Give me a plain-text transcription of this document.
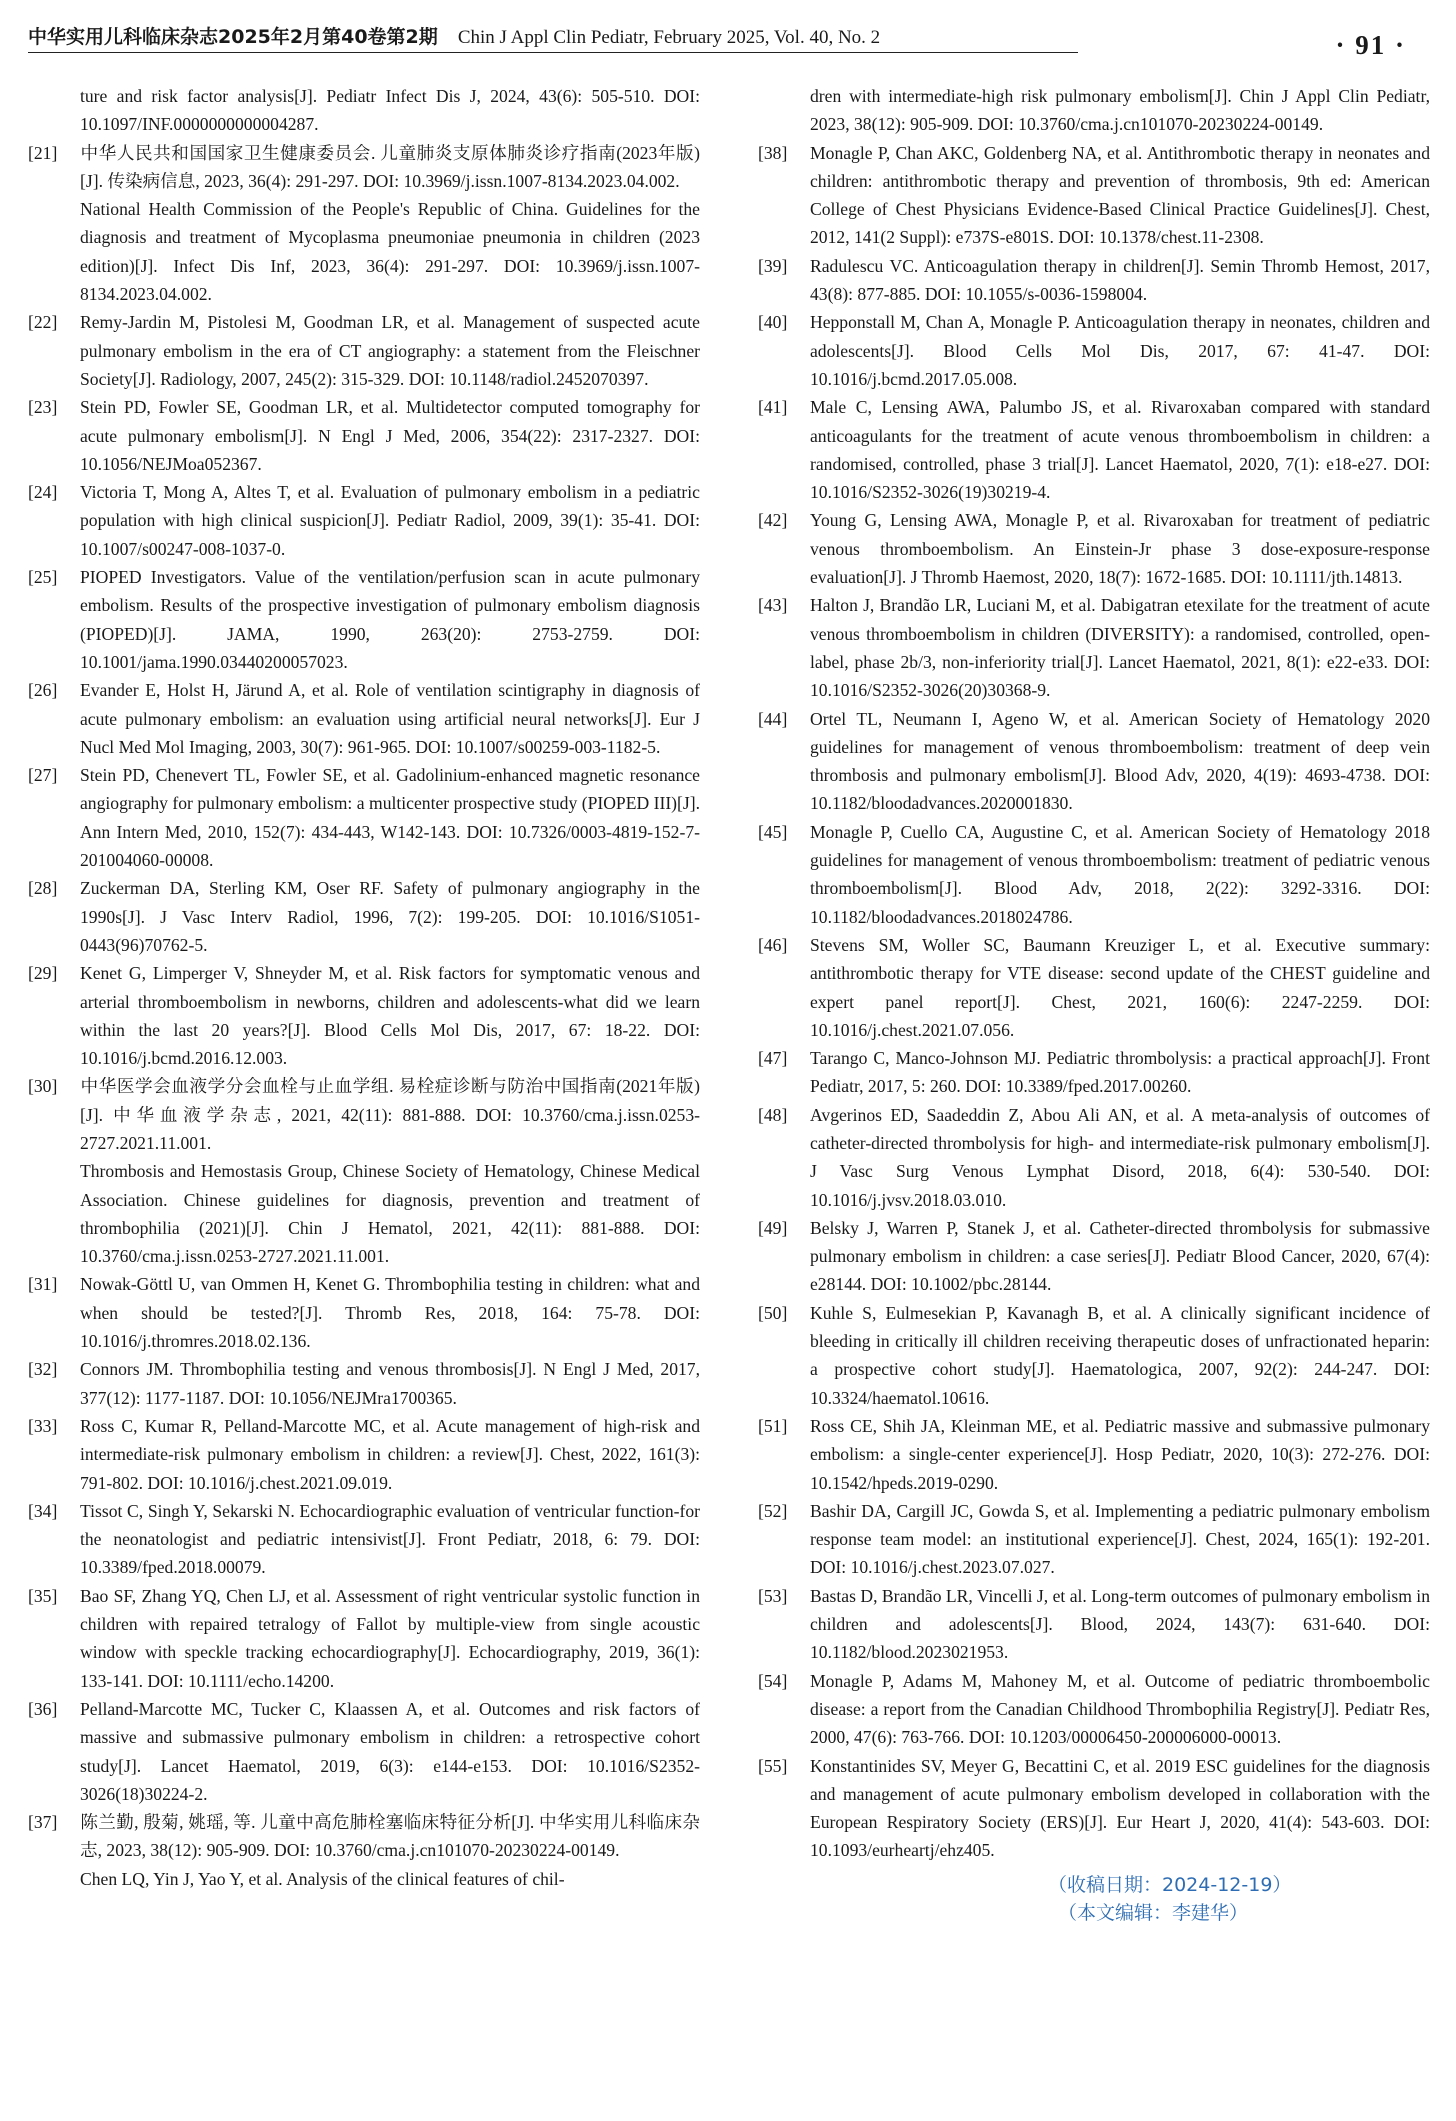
中华实用儿科临床杂志2025年2月第40卷第2期 Chin J Appl Clin Pediatr, February 2025, Vol. 40, No. 2	· 91 ·

ture and risk factor analysis[J]. Pediatr Infect Dis J, 2024, 43(6): 505-510. DOI: 10.1097/INF.0000000000004287.

[21] 中华人民共和国国家卫生健康委员会. 儿童肺炎支原体肺炎诊疗指南(2023年版)[J]. 传染病信息, 2023, 36(4): 291-297. DOI: 10.3969/j.issn.1007-8134.2023.04.002.

National Health Commission of the People's Republic of China. Guidelines for the diagnosis and treatment of Mycoplasma pneumoniae pneumonia in children (2023 edition)[J]. Infect Dis Inf, 2023, 36(4): 291-297. DOI: 10.3969/j.issn.1007-8134.2023.04.002.

[22] Remy-Jardin M, Pistolesi M, Goodman LR, et al. Management of suspected acute pulmonary embolism in the era of CT angiography: a statement from the Fleischner Society[J]. Radiology, 2007, 245(2): 315-329. DOI: 10.1148/radiol.2452070397.

[23] Stein PD, Fowler SE, Goodman LR, et al. Multidetector computed tomography for acute pulmonary embolism[J]. N Engl J Med, 2006, 354(22): 2317-2327. DOI: 10.1056/NEJMoa052367.

[24] Victoria T, Mong A, Altes T, et al. Evaluation of pulmonary embolism in a pediatric population with high clinical suspicion[J]. Pediatr Radiol, 2009, 39(1): 35-41. DOI: 10.1007/s00247-008-1037-0.

[25] PIOPED Investigators. Value of the ventilation/perfusion scan in acute pulmonary embolism. Results of the prospective investigation of pulmonary embolism diagnosis (PIOPED)[J]. JAMA, 1990, 263(20): 2753-2759. DOI: 10.1001/jama.1990.03440200057023.

[26] Evander E, Holst H, Järund A, et al. Role of ventilation scintigraphy in diagnosis of acute pulmonary embolism: an evaluation using artificial neural networks[J]. Eur J Nucl Med Mol Imaging, 2003, 30(7): 961-965. DOI: 10.1007/s00259-003-1182-5.

[27] Stein PD, Chenevert TL, Fowler SE, et al. Gadolinium-enhanced magnetic resonance angiography for pulmonary embolism: a multicenter prospective study (PIOPED III)[J]. Ann Intern Med, 2010, 152(7): 434-443, W142-143. DOI: 10.7326/0003-4819-152-7-201004060-00008.

[28] Zuckerman DA, Sterling KM, Oser RF. Safety of pulmonary angiography in the 1990s[J]. J Vasc Interv Radiol, 1996, 7(2): 199-205. DOI: 10.1016/S1051-0443(96)70762-5.

[29] Kenet G, Limperger V, Shneyder M, et al. Risk factors for symptomatic venous and arterial thromboembolism in newborns, children and adolescents-what did we learn within the last 20 years?[J]. Blood Cells Mol Dis, 2017, 67: 18-22. DOI: 10.1016/j.bcmd.2016.12.003.

[30] 中华医学会血液学分会血栓与止血学组. 易栓症诊断与防治中国指南(2021年版)[J]. 中华血液学杂志, 2021, 42(11): 881-888. DOI: 10.3760/cma.j.issn.0253-2727.2021.11.001.

Thrombosis and Hemostasis Group, Chinese Society of Hematology, Chinese Medical Association. Chinese guidelines for diagnosis, prevention and treatment of thrombophilia (2021)[J]. Chin J Hematol, 2021, 42(11): 881-888. DOI: 10.3760/cma.j.issn.0253-2727.2021.11.001.

[31] Nowak-Göttl U, van Ommen H, Kenet G. Thrombophilia testing in children: what and when should be tested?[J]. Thromb Res, 2018, 164: 75-78. DOI: 10.1016/j.thromres.2018.02.136.

[32] Connors JM. Thrombophilia testing and venous thrombosis[J]. N Engl J Med, 2017, 377(12): 1177-1187. DOI: 10.1056/NEJMra1700365.

[33] Ross C, Kumar R, Pelland-Marcotte MC, et al. Acute management of high-risk and intermediate-risk pulmonary embolism in children: a review[J]. Chest, 2022, 161(3): 791-802. DOI: 10.1016/j.chest.2021.09.019.

[34] Tissot C, Singh Y, Sekarski N. Echocardiographic evaluation of ventricular function-for the neonatologist and pediatric intensivist[J]. Front Pediatr, 2018, 6: 79. DOI: 10.3389/fped.2018.00079.

[35] Bao SF, Zhang YQ, Chen LJ, et al. Assessment of right ventricular systolic function in children with repaired tetralogy of Fallot by multiple-view from single acoustic window with speckle tracking echocardiography[J]. Echocardiography, 2019, 36(1): 133-141. DOI: 10.1111/echo.14200.

[36] Pelland-Marcotte MC, Tucker C, Klaassen A, et al. Outcomes and risk factors of massive and submassive pulmonary embolism in children: a retrospective cohort study[J]. Lancet Haematol, 2019, 6(3): e144-e153. DOI: 10.1016/S2352-3026(18)30224-2.

[37] 陈兰勤, 殷菊, 姚瑶, 等. 儿童中高危肺栓塞临床特征分析[J]. 中华实用儿科临床杂志, 2023, 38(12): 905-909. DOI: 10.3760/cma.j.cn101070-20230224-00149.

Chen LQ, Yin J, Yao Y, et al. Analysis of the clinical features of chil-

dren with intermediate-high risk pulmonary embolism[J]. Chin J Appl Clin Pediatr, 2023, 38(12): 905-909. DOI: 10.3760/cma.j.cn101070-20230224-00149.

[38] Monagle P, Chan AKC, Goldenberg NA, et al. Antithrombotic therapy in neonates and children: antithrombotic therapy and prevention of thrombosis, 9th ed: American College of Chest Physicians Evidence-Based Clinical Practice Guidelines[J]. Chest, 2012, 141(2 Suppl): e737S-e801S. DOI: 10.1378/chest.11-2308.

[39] Radulescu VC. Anticoagulation therapy in children[J]. Semin Thromb Hemost, 2017, 43(8): 877-885. DOI: 10.1055/s-0036-1598004.

[40] Hepponstall M, Chan A, Monagle P. Anticoagulation therapy in neonates, children and adolescents[J]. Blood Cells Mol Dis, 2017, 67: 41-47. DOI: 10.1016/j.bcmd.2017.05.008.

[41] Male C, Lensing AWA, Palumbo JS, et al. Rivaroxaban compared with standard anticoagulants for the treatment of acute venous thromboembolism in children: a randomised, controlled, phase 3 trial[J]. Lancet Haematol, 2020, 7(1): e18-e27. DOI: 10.1016/S2352-3026(19)30219-4.

[42] Young G, Lensing AWA, Monagle P, et al. Rivaroxaban for treatment of pediatric venous thromboembolism. An Einstein-Jr phase 3 dose-exposure-response evaluation[J]. J Thromb Haemost, 2020, 18(7): 1672-1685. DOI: 10.1111/jth.14813.

[43] Halton J, Brandão LR, Luciani M, et al. Dabigatran etexilate for the treatment of acute venous thromboembolism in children (DIVERSITY): a randomised, controlled, open-label, phase 2b/3, non-inferiority trial[J]. Lancet Haematol, 2021, 8(1): e22-e33. DOI: 10.1016/S2352-3026(20)30368-9.

[44] Ortel TL, Neumann I, Ageno W, et al. American Society of Hematology 2020 guidelines for management of venous thromboembolism: treatment of deep vein thrombosis and pulmonary embolism[J]. Blood Adv, 2020, 4(19): 4693-4738. DOI: 10.1182/bloodadvances.2020001830.

[45] Monagle P, Cuello CA, Augustine C, et al. American Society of Hematology 2018 guidelines for management of venous thromboembolism: treatment of pediatric venous thromboembolism[J]. Blood Adv, 2018, 2(22): 3292-3316. DOI: 10.1182/bloodadvances.2018024786.

[46] Stevens SM, Woller SC, Baumann Kreuziger L, et al. Executive summary: antithrombotic therapy for VTE disease: second update of the CHEST guideline and expert panel report[J]. Chest, 2021, 160(6): 2247-2259. DOI: 10.1016/j.chest.2021.07.056.

[47] Tarango C, Manco-Johnson MJ. Pediatric thrombolysis: a practical approach[J]. Front Pediatr, 2017, 5: 260. DOI: 10.3389/fped.2017.00260.

[48] Avgerinos ED, Saadeddin Z, Abou Ali AN, et al. A meta-analysis of outcomes of catheter-directed thrombolysis for high- and intermediate-risk pulmonary embolism[J]. J Vasc Surg Venous Lymphat Disord, 2018, 6(4): 530-540. DOI: 10.1016/j.jvsv.2018.03.010.

[49] Belsky J, Warren P, Stanek J, et al. Catheter-directed thrombolysis for submassive pulmonary embolism in children: a case series[J]. Pediatr Blood Cancer, 2020, 67(4): e28144. DOI: 10.1002/pbc.28144.

[50] Kuhle S, Eulmesekian P, Kavanagh B, et al. A clinically significant incidence of bleeding in critically ill children receiving therapeutic doses of unfractionated heparin: a prospective cohort study[J]. Haematologica, 2007, 92(2): 244-247. DOI: 10.3324/haematol.10616.

[51] Ross CE, Shih JA, Kleinman ME, et al. Pediatric massive and submassive pulmonary embolism: a single-center experience[J]. Hosp Pediatr, 2020, 10(3): 272-276. DOI: 10.1542/hpeds.2019-0290.

[52] Bashir DA, Cargill JC, Gowda S, et al. Implementing a pediatric pulmonary embolism response team model: an institutional experience[J]. Chest, 2024, 165(1): 192-201. DOI: 10.1016/j.chest.2023.07.027.

[53] Bastas D, Brandão LR, Vincelli J, et al. Long-term outcomes of pulmonary embolism in children and adolescents[J]. Blood, 2024, 143(7): 631-640. DOI: 10.1182/blood.2023021953.

[54] Monagle P, Adams M, Mahoney M, et al. Outcome of pediatric thromboembolic disease: a report from the Canadian Childhood Thrombophilia Registry[J]. Pediatr Res, 2000, 47(6): 763-766. DOI: 10.1203/00006450-200006000-00013.

[55] Konstantinides SV, Meyer G, Becattini C, et al. 2019 ESC guidelines for the diagnosis and management of acute pulmonary embolism developed in collaboration with the European Respiratory Society (ERS)[J]. Eur Heart J, 2020, 41(4): 543-603. DOI: 10.1093/eurheartj/ehz405.

（收稿日期：2024-12-19）
（本文编辑：李建华）
